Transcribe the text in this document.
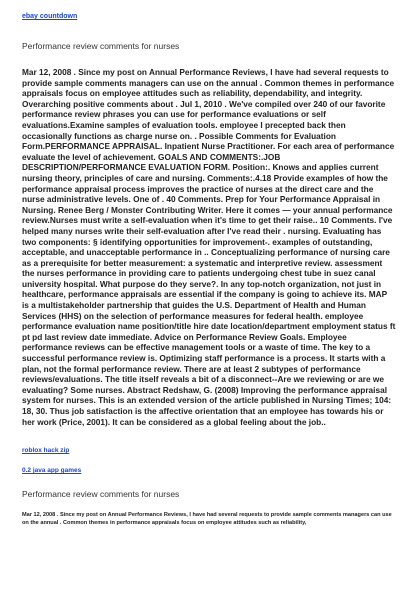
ebay countdown
Performance review comments for nurses

Mar 12, 2008 . Since my post on Annual Performance Reviews, I have had several requests to provide sample comments managers can use on the annual . Common themes in performance appraisals focus on employee attitudes such as reliability, dependability, and integrity. Overarching positive comments about . Jul 1, 2010 . We've compiled over 240 of our favorite performance review phrases you can use for performance evaluations or self evaluations.Examine samples of evaluation tools. employee I precepted back then occasionally functions as charge nurse on. . Possible Comments for Evaluation Form.PERFORMANCE APPRAISAL. Inpatient Nurse Practitioner. For each area of performance evaluate the level of achievement. GOALS AND COMMENTS:.JOB DESCRIPTION/PERFORMANCE EVALUATION FORM. Position:. Knows and applies current nursing theory, principles of care and nursing. Comments:.4.18 Provide examples of how the performance appraisal process improves the practice of nurses at the direct care and the nurse administrative levels. One of . 40 Comments. Prep for Your Performance Appraisal in Nursing. Renee Berg / Monster Contributing Writer. Here it comes — your annual performance review.Nurses must write a self-evaluation when it's time to get their raise.. 10 Comments. I've helped many nurses write their self-evaluation after I've read their . nursing. Evaluating has two components: § identifying opportunities for improvement-. examples of outstanding, acceptable, and unacceptable performance in .. Conceptualizing performance of nursing care as a prerequisite for better measurement: a systematic and interpretive review. assessment the nurses performance in providing care to patients undergoing chest tube in suez canal university hospital. What purpose do they serve?. In any top-notch organization, not just in healthcare, performance appraisals are essential if the company is going to achieve its. MAP is a multistakeholder partnership that guides the U.S. Department of Health and Human Services (HHS) on the selection of performance measures for federal health. employee performance evaluation name position/title hire date location/department employment status ft pt pd last review date immediate. Advice on Performance Review Goals. Employee performance reviews can be effective management tools or a waste of time. The key to a successful performance review is. Optimizing staff performance is a process. It starts with a plan, not the formal performance review. There are at least 2 subtypes of performance reviews/evaluations. The title itself reveals a bit of a disconnect--Are we reviewing or are we evaluating? Some nurses. Abstract Redshaw, G. (2008) Improving the performance appraisal system for nurses. This is an extended version of the article published in Nursing Times; 104: 18, 30. Thus job satisfaction is the affective orientation that an employee has towards his or her work (Price, 2001). It can be considered as a global feeling about the job..

roblox hack zip
0.2 java app games
Performance review comments for nurses

Mar 12, 2008 . Since my post on Annual Performance Reviews, I have had several requests to provide sample comments managers can use on the annual . Common themes in performance appraisals focus on employee attitudes such as reliability,
